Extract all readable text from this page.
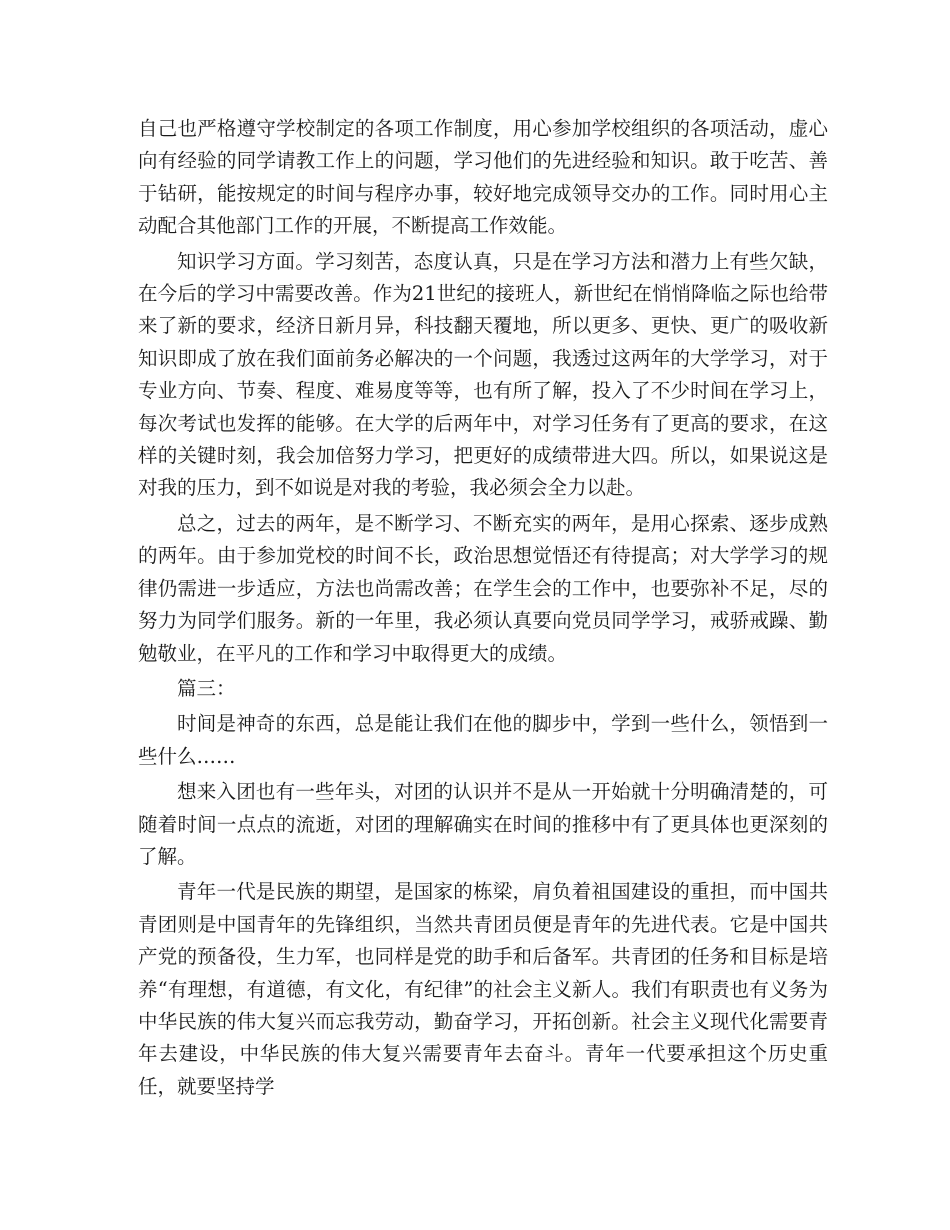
自己也严格遵守学校制定的各项工作制度，用心参加学校组织的各项活动，虚心向有经验的同学请教工作上的问题，学习他们的先进经验和知识。敢于吃苦、善于钻研，能按规定的时间与程序办事，较好地完成领导交办的工作。同时用心主动配合其他部门工作的开展，不断提高工作效能。

知识学习方面。学习刻苦，态度认真，只是在学习方法和潜力上有些欠缺，在今后的学习中需要改善。作为21世纪的接班人，新世纪在悄悄降临之际也给带来了新的要求，经济日新月异，科技翻天覆地，所以更多、更快、更广的吸收新知识即成了放在我们面前务必解决的一个问题，我透过这两年的大学学习，对于专业方向、节奏、程度、难易度等等，也有所了解，投入了不少时间在学习上，每次考试也发挥的能够。在大学的后两年中，对学习任务有了更高的要求，在这样的关键时刻，我会加倍努力学习，把更好的成绩带进大四。所以，如果说这是对我的压力，到不如说是对我的考验，我必须会全力以赴。

总之，过去的两年，是不断学习、不断充实的两年，是用心探索、逐步成熟的两年。由于参加党校的时间不长，政治思想觉悟还有待提高；对大学学习的规律仍需进一步适应，方法也尚需改善；在学生会的工作中，也要弥补不足，尽的努力为同学们服务。新的一年里，我必须认真要向党员同学学习，戒骄戒躁、勤勉敬业，在平凡的工作和学习中取得更大的成绩。

篇三：

时间是神奇的东西，总是能让我们在他的脚步中，学到一些什么，领悟到一些什么……

想来入团也有一些年头，对团的认识并不是从一开始就十分明确清楚的，可随着时间一点点的流逝，对团的理解确实在时间的推移中有了更具体也更深刻的了解。

青年一代是民族的期望，是国家的栋梁，肩负着祖国建设的重担，而中国共青团则是中国青年的先锋组织，当然共青团员便是青年的先进代表。它是中国共产党的预备役，生力军，也同样是党的助手和后备军。共青团的任务和目标是培养“有理想，有道德，有文化，有纪律”的社会主义新人。我们有职责也有义务为中华民族的伟大复兴而忘我劳动，勤奋学习，开拓创新。社会主义现代化需要青年去建设，中华民族的伟大复兴需要青年去奋斗。青年一代要承担这个历史重任，就要坚持学
